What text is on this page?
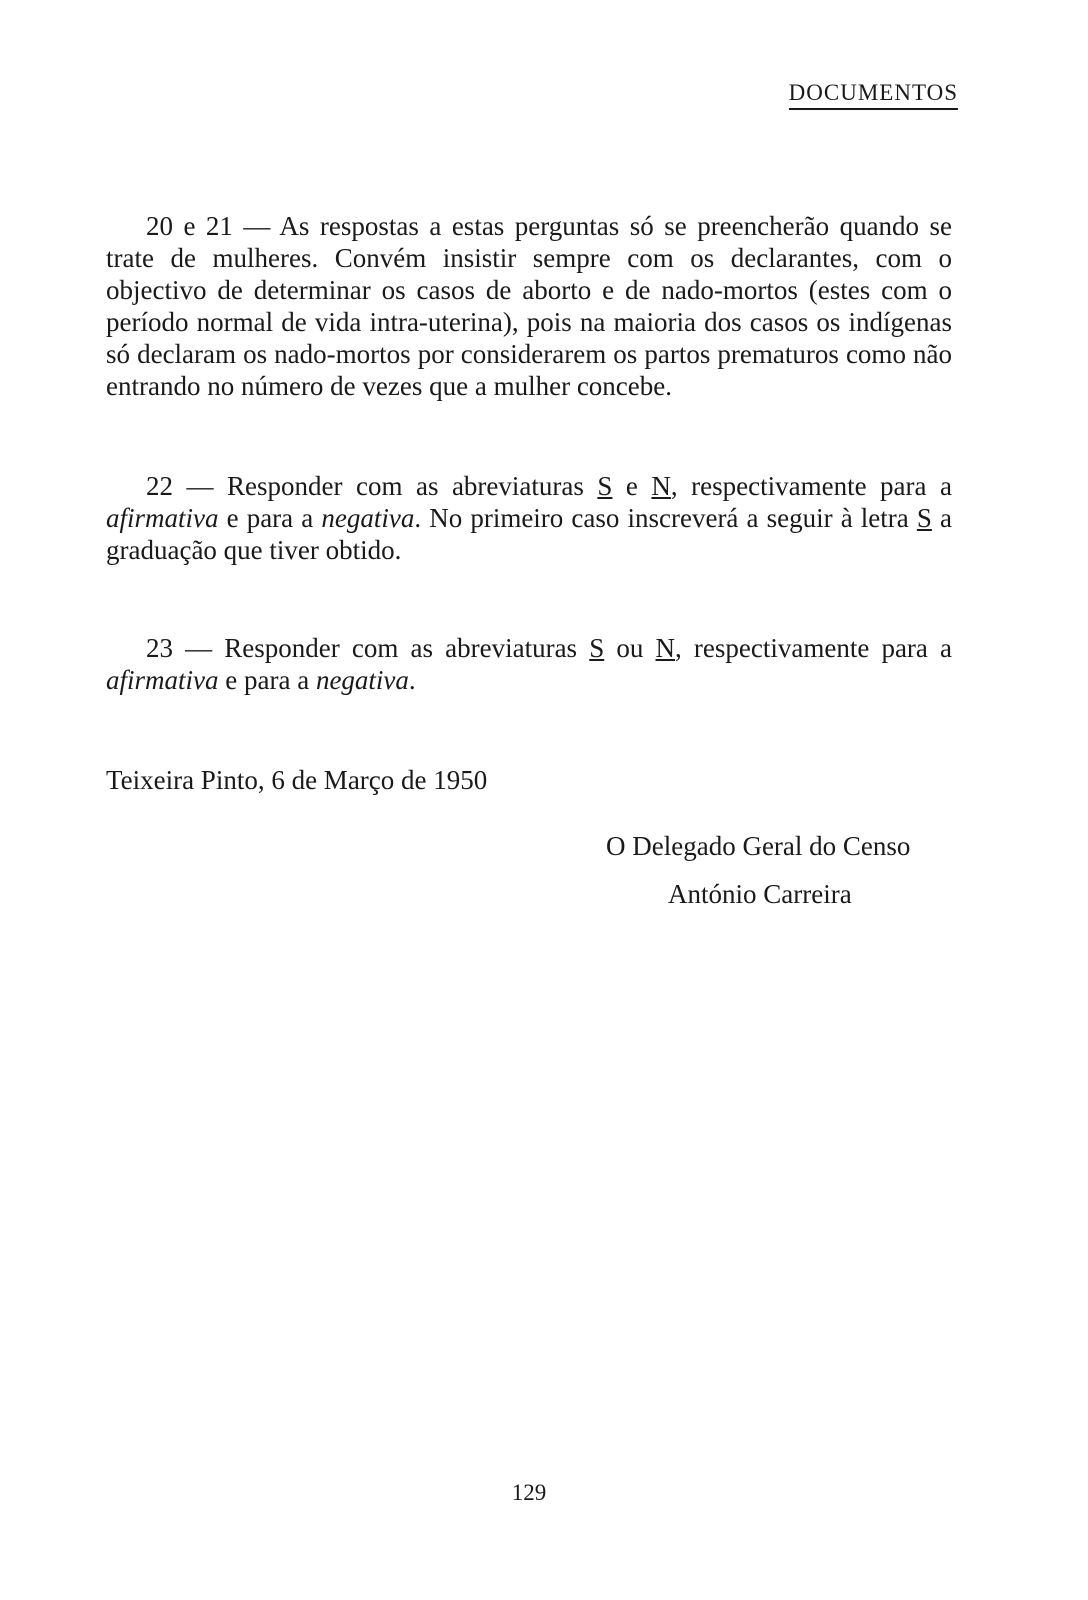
DOCUMENTOS
20 e 21 — As respostas a estas perguntas só se preencherão quando se trate de mulheres. Convém insistir sempre com os declarantes, com o objectivo de determinar os casos de aborto e de nado-mortos (estes com o período normal de vida intra-uterina), pois na maioria dos casos os indígenas só declaram os nado-mortos por considerarem os partos prematuros como não entrando no número de vezes que a mulher concebe.
22 — Responder com as abreviaturas S e N, respectivamente para a afirmativa e para a negativa. No primeiro caso inscreverá a seguir à letra S a graduação que tiver obtido.
23 — Responder com as abreviaturas S ou N, respectivamente para a afirmativa e para a negativa.
Teixeira Pinto, 6 de Março de 1950
O Delegado Geral do Censo
António Carreira
129
